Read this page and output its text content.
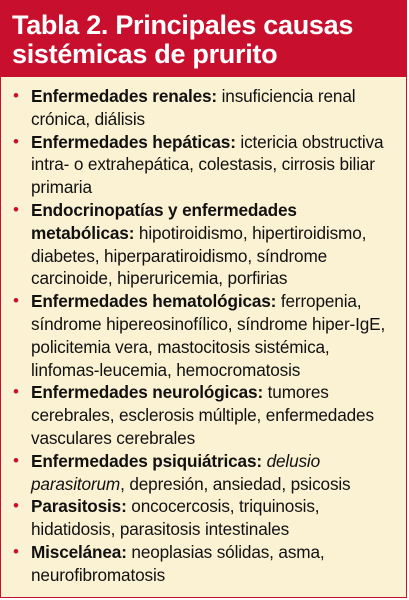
Tabla 2. Principales causas sistémicas de prurito
• Enfermedades renales: insuficiencia renal crónica, diálisis
• Enfermedades hepáticas: ictericia obstructiva intra- o extrahepática, colestasis, cirrosis biliar primaria
• Endocrinopatías y enfermedades metabólicas: hipotiroidismo, hipertiroidismo, diabetes, hiperparatiroidismo, síndrome carcinoide, hiperuricemia, porfirias
• Enfermedades hematológicas: ferropenia, síndrome hipereosinofílico, síndrome hiper-IgE, policitemia vera, mastocitosis sistémica, linfomas-leucemia, hemocromatosis
• Enfermedades neurológicas: tumores cerebrales, esclerosis múltiple, enfermedades vasculares cerebrales
• Enfermedades psiquiátricas: delusio parasitorum, depresión, ansiedad, psicosis
• Parasitosis: oncocercosis, triquinosis, hidatidosis, parasitosis intestinales
• Miscelánea: neoplasias sólidas, asma, neurofibromatosis
